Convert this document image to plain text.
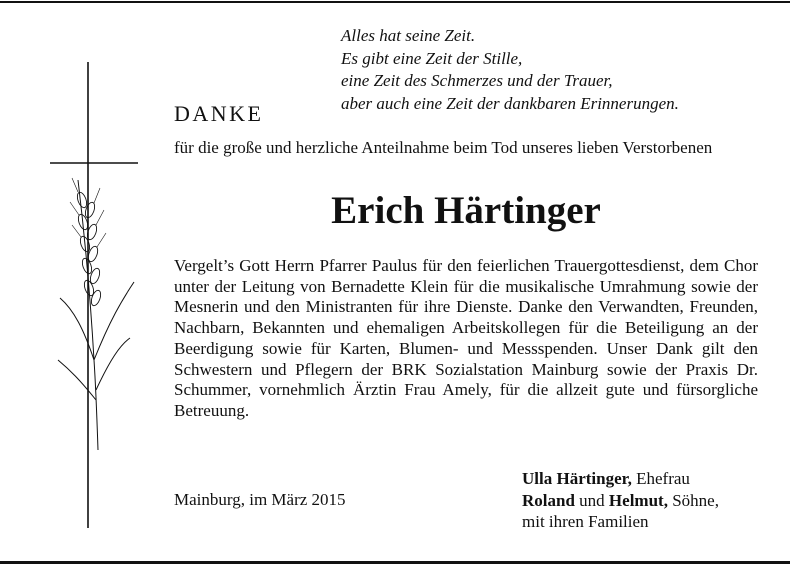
Alles hat seine Zeit.
Es gibt eine Zeit der Stille,
eine Zeit des Schmerzes und der Trauer,
aber auch eine Zeit der dankbaren Erinnerungen.
DANKE
für die große und herzliche Anteilnahme beim Tod unseres lieben Verstorbenen
Erich Härtinger
Vergelt’s Gott Herrn Pfarrer Paulus für den feierlichen Trauergottesdienst, dem Chor unter der Leitung von Bernadette Klein für die musikalische Umrahmung sowie der Mesnerin und den Ministranten für ihre Dienste. Danke den Verwandten, Freunden, Nachbarn, Bekannten und ehemaligen Arbeitskollegen für die Beteiligung an der Beerdigung sowie für Karten, Blumen- und Messspenden. Unser Dank gilt den Schwestern und Pflegern der BRK Sozialstation Mainburg sowie der Praxis Dr. Schummer, vornehmlich Ärztin Frau Amely, für die allzeit gute und fürsorgliche Betreuung.
Mainburg, im März 2015
Ulla Härtinger, Ehefrau
Roland und Helmut, Söhne,
mit ihren Familien
